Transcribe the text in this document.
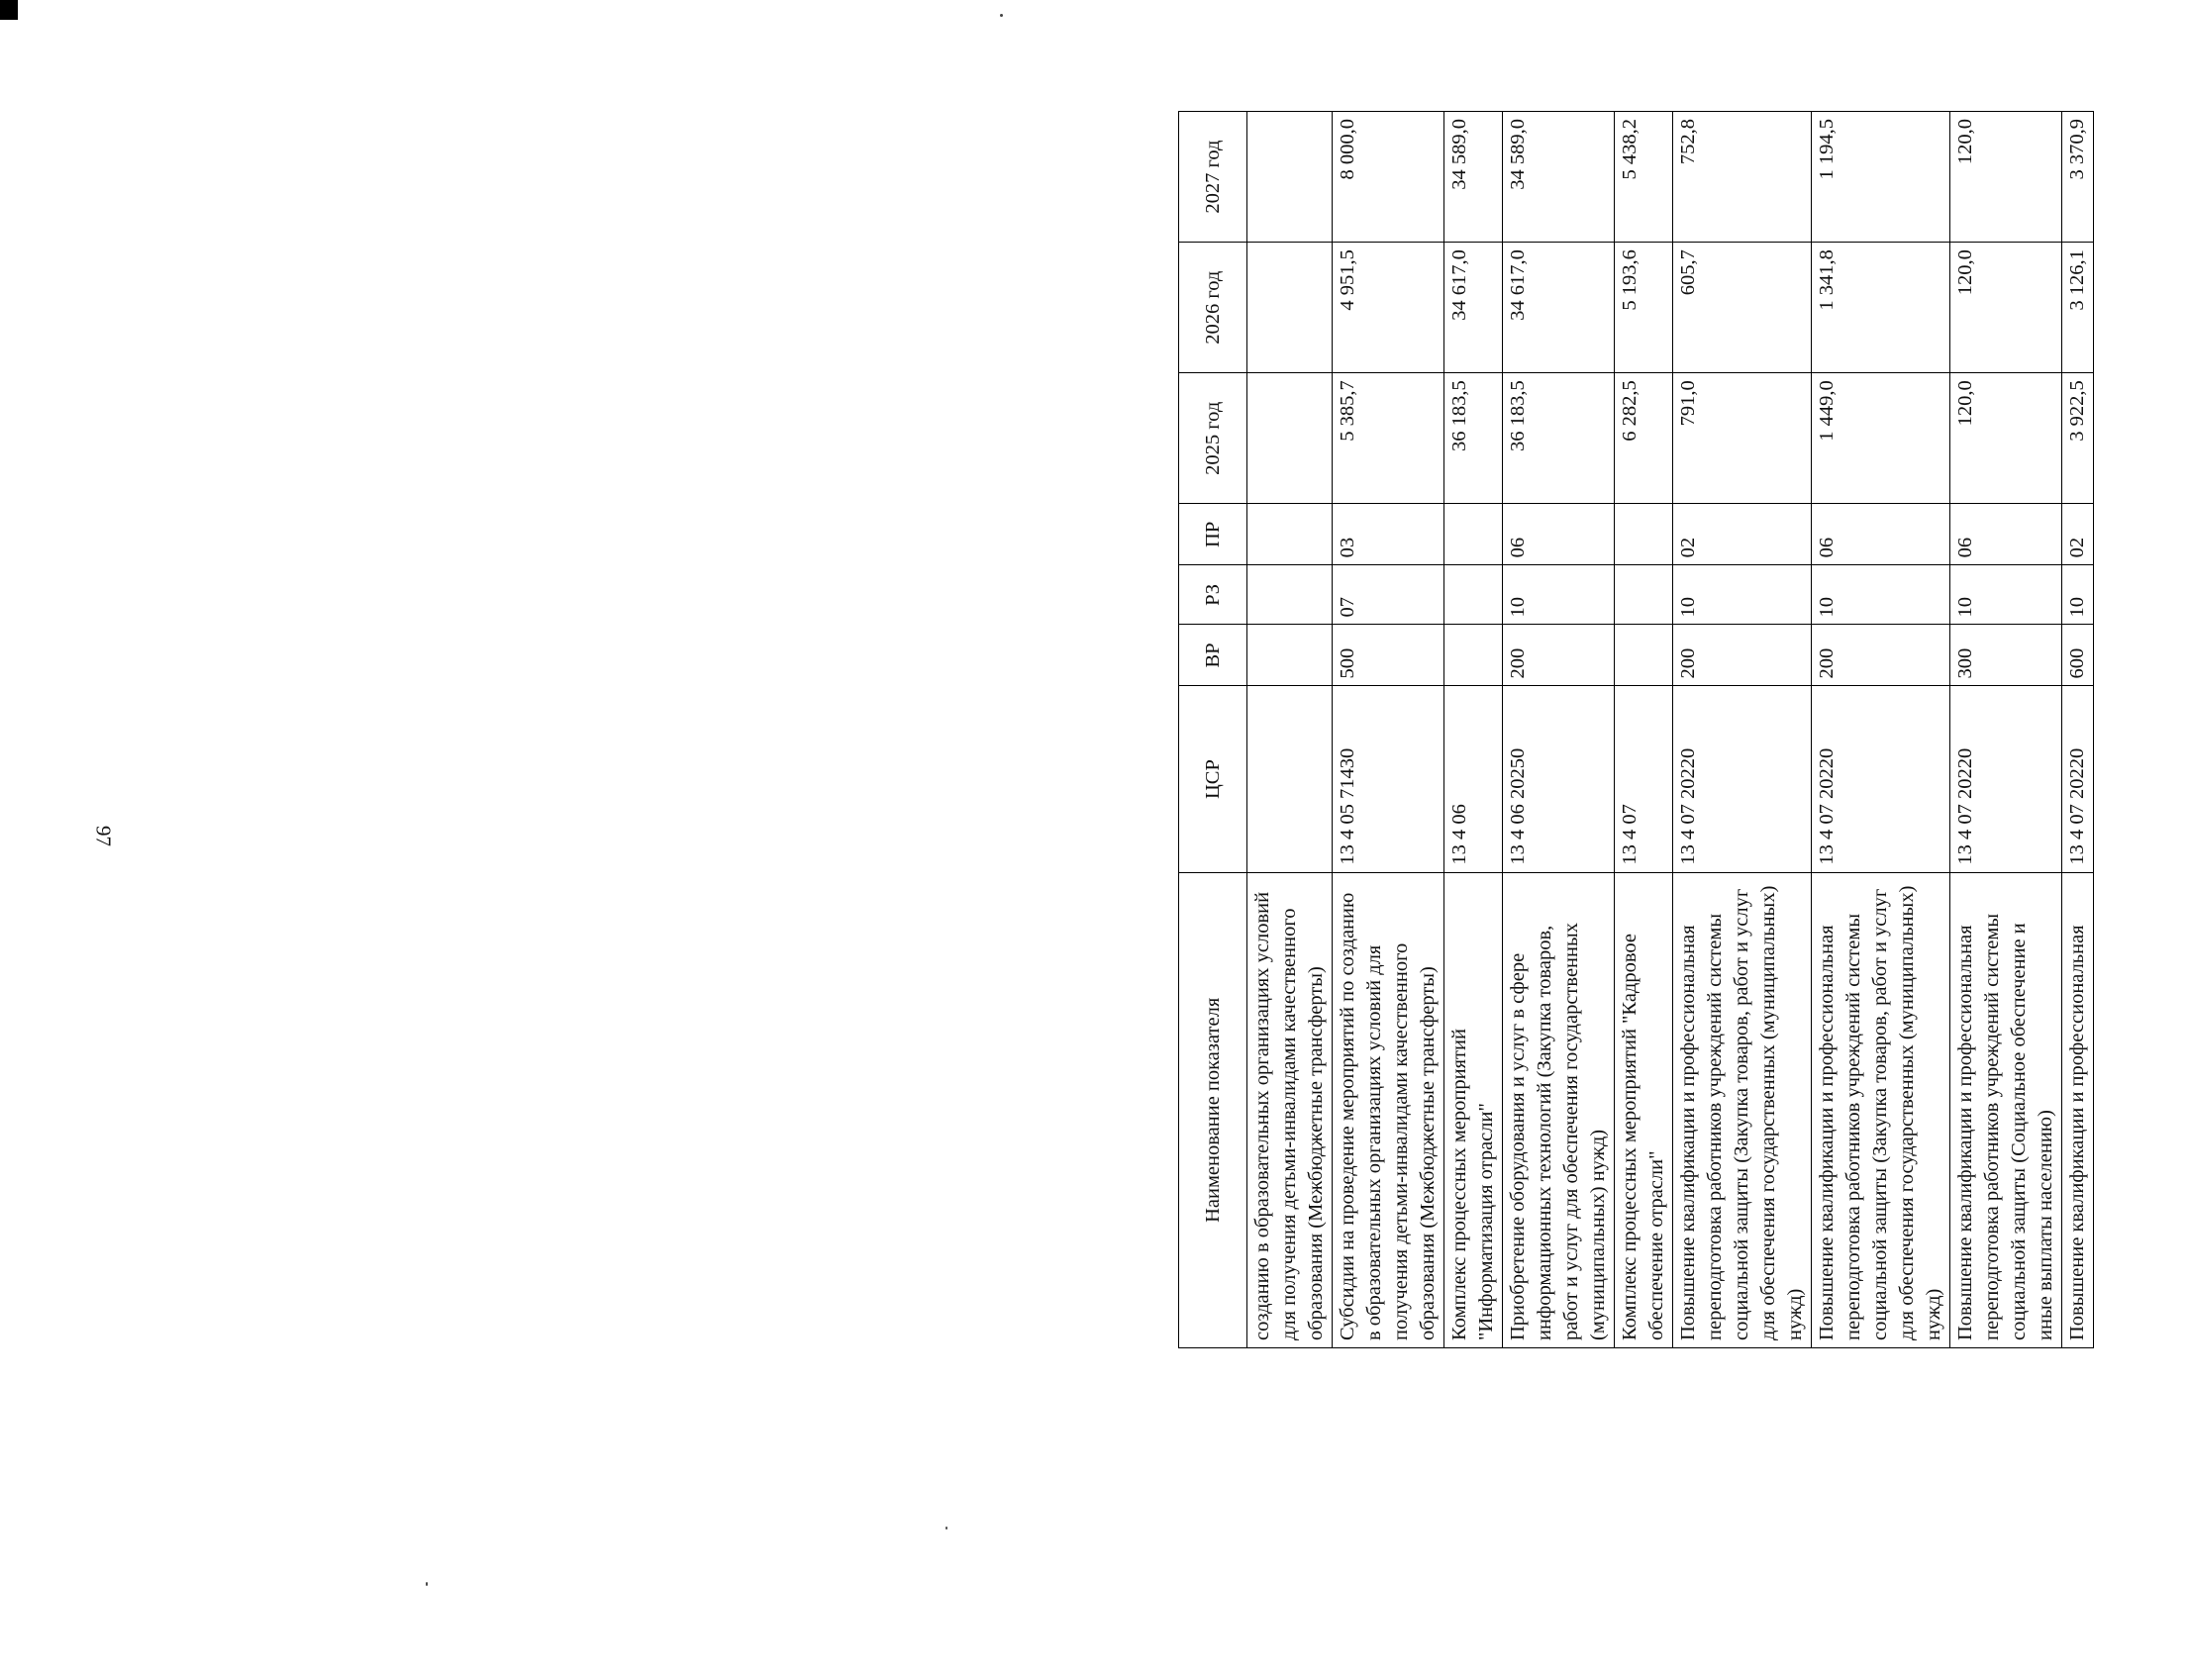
97
Наименование показателя	ЦСР	ВР	РЗ	ПР	2025 год	2026 год	2027 год
созданию в образовательных организациях условий для получения детьми-инвалидами качественного образования (Межбюджетные трансферты)							
Субсидии на проведение мероприятий по созданию в образовательных организациях условий для получения детьми-инвалидами качественного образования (Межбюджетные трансферты)	13 4 05 71430	500	07	03	5 385,7	4 951,5	8 000,0
Комплекс процессных мероприятий "Информатизация отрасли"	13 4 06				36 183,5	34 617,0	34 589,0
Приобретение оборудования и услуг в сфере информационных технологий (Закупка товаров, работ и услуг для обеспечения государственных (муниципальных) нужд)	13 4 06 20250	200	10	06	36 183,5	34 617,0	34 589,0
Комплекс процессных мероприятий "Кадровое обеспечение отрасли"	13 4 07				6 282,5	5 193,6	5 438,2
Повышение квалификации и профессиональная переподготовка работников учреждений системы социальной защиты (Закупка товаров, работ и услуг для обеспечения государственных (муниципальных) нужд)	13 4 07 20220	200	10	02	791,0	605,7	752,8
Повышение квалификации и профессиональная переподготовка работников учреждений системы социальной защиты (Закупка товаров, работ и услуг для обеспечения государственных (муниципальных) нужд)	13 4 07 20220	200	10	06	1 449,0	1 341,8	1 194,5
Повышение квалификации и профессиональная переподготовка работников учреждений системы социальной защиты (Социальное обеспечение и иные выплаты населению)	13 4 07 20220	300	10	06	120,0	120,0	120,0
Повышение квалификации и профессиональная	13 4 07 20220	600	10	02	3 922,5	3 126,1	3 370,9
